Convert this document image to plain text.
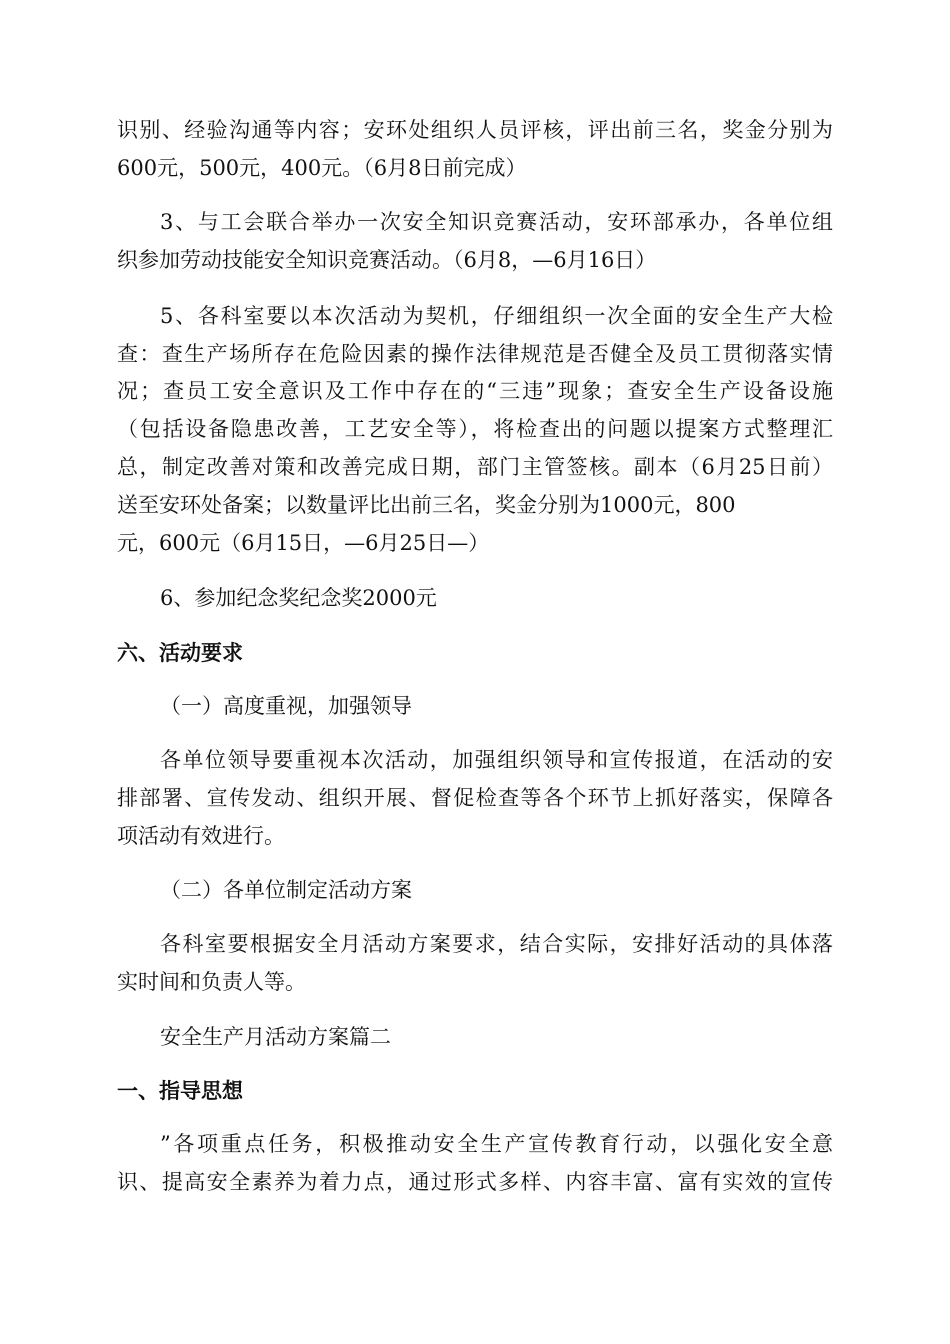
识别、经验沟通等内容；安环处组织人员评核，评出前三名，奖金分别为
600元，500元，400元。（6月8日前完成）
3、与工会联合举办一次安全知识竞赛活动，安环部承办，各单位组
织参加劳动技能安全知识竞赛活动。（6月8，—6月16日）
5、各科室要以本次活动为契机，仔细组织一次全面的安全生产大检
查：查生产场所存在危险因素的操作法律规范是否健全及员工贯彻落实情
况；查员工安全意识及工作中存在的“三违”现象；查安全生产设备设施
（包括设备隐患改善，工艺安全等），将检查出的问题以提案方式整理汇
总，制定改善对策和改善完成日期，部门主管签核。副本（6月25日前）
送至安环处备案；以数量评比出前三名，奖金分别为1000元，800
元，600元（6月15日，—6月25日—）
6、参加纪念奖纪念奖2000元
六、活动要求
（一）高度重视，加强领导
各单位领导要重视本次活动，加强组织领导和宣传报道，在活动的安
排部署、宣传发动、组织开展、督促检查等各个环节上抓好落实，保障各
项活动有效进行。
（二）各单位制定活动方案
各科室要根据安全月活动方案要求，结合实际，安排好活动的具体落
实时间和负责人等。
安全生产月活动方案篇二
一、指导思想
”各项重点任务，积极推动安全生产宣传教育行动，以强化安全意
识、提高安全素养为着力点，通过形式多样、内容丰富、富有实效的宣传
